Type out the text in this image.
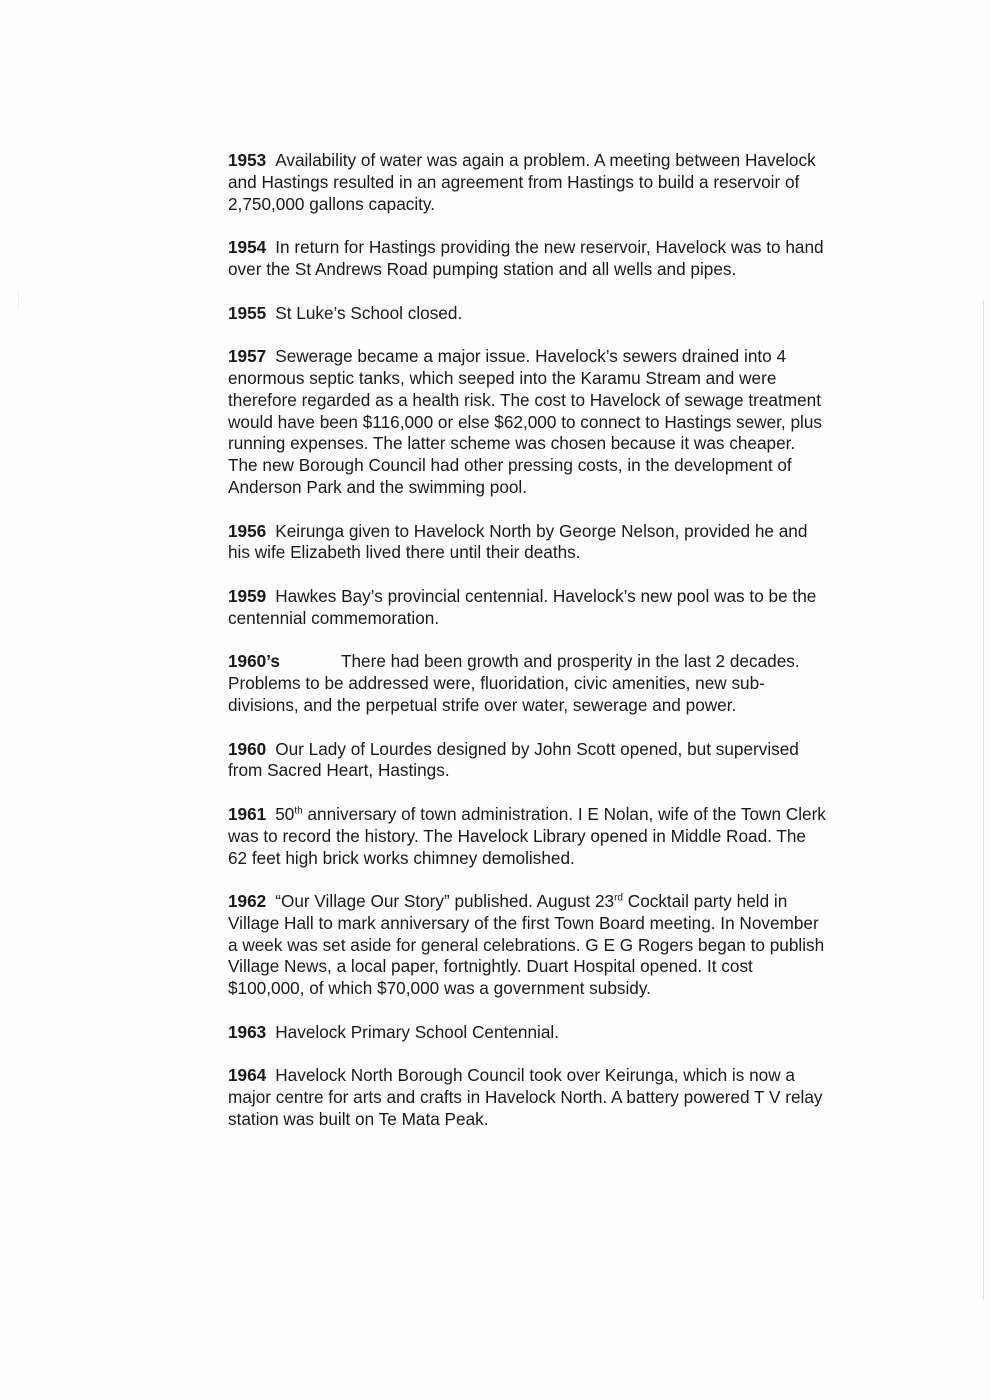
1953 Availability of water was again a problem. A meeting between Havelock and Hastings resulted in an agreement from Hastings to build a reservoir of 2,750,000 gallons capacity.

1954 In return for Hastings providing the new reservoir, Havelock was to hand over the St Andrews Road pumping station and all wells and pipes.

1955 St Luke’s School closed.

1957 Sewerage became a major issue. Havelock’s sewers drained into 4 enormous septic tanks, which seeped into the Karamu Stream and were therefore regarded as a health risk. The cost to Havelock of sewage treatment would have been $116,000 or else $62,000 to connect to Hastings sewer, plus running expenses. The latter scheme was chosen because it was cheaper. The new Borough Council had other pressing costs, in the development of Anderson Park and the swimming pool.

1956 Keirunga given to Havelock North by George Nelson, provided he and his wife Elizabeth lived there until their deaths.

1959 Hawkes Bay’s provincial centennial. Havelock’s new pool was to be the centennial commemoration.

1960’s	There had been growth and prosperity in the last 2 decades. Problems to be addressed were, fluoridation, civic amenities, new sub-divisions, and the perpetual strife over water, sewerage and power.

1960 Our Lady of Lourdes designed by John Scott opened, but supervised from Sacred Heart, Hastings.

1961 50th anniversary of town administration. I E Nolan, wife of the Town Clerk was to record the history. The Havelock Library opened in Middle Road. The 62 feet high brick works chimney demolished.

1962 “Our Village Our Story” published. August 23rd Cocktail party held in Village Hall to mark anniversary of the first Town Board meeting. In November a week was set aside for general celebrations. G E G Rogers began to publish Village News, a local paper, fortnightly. Duart Hospital opened. It cost $100,000, of which $70,000 was a government subsidy.

1963 Havelock Primary School Centennial.

1964 Havelock North Borough Council took over Keirunga, which is now a major centre for arts and crafts in Havelock North. A battery powered T V relay station was built on Te Mata Peak.
